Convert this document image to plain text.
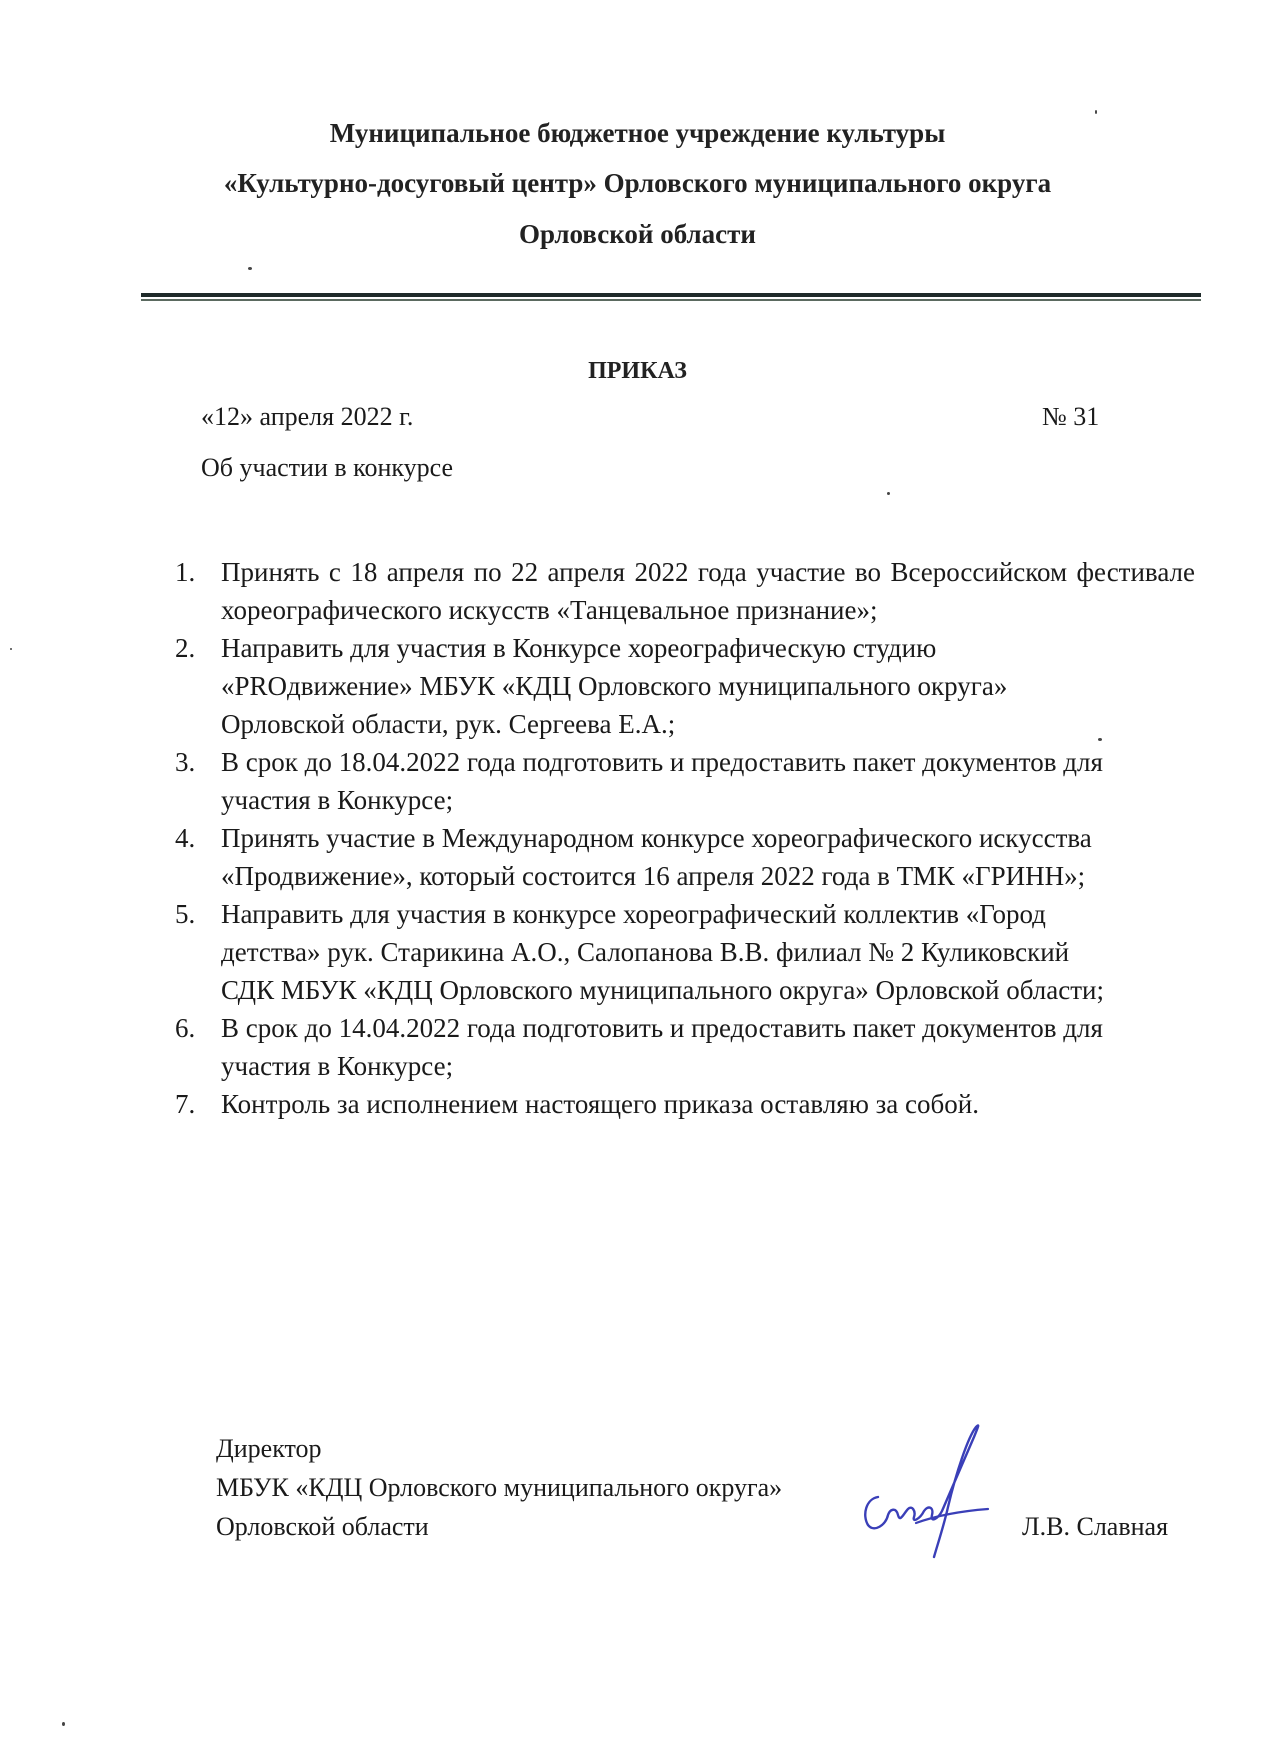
Муниципальное бюджетное учреждение культуры
«Культурно-досуговый центр» Орловского муниципального округа
Орловской области
ПРИКАЗ
«12» апреля 2022 г.	№ 31
Об участии в конкурсе
1. Принять с 18 апреля по 22 апреля 2022 года участие во Всероссийском фестивале хореографического искусств «Танцевальное признание»;
2. Направить для участия в Конкурсе хореографическую студию
«PROдвижение» МБУК «КДЦ Орловского муниципального округа»
Орловской области, рук. Сергеева Е.А.;
3. В срок до 18.04.2022 года подготовить и предоставить пакет документов для
участия в Конкурсе;
4. Принять участие в Международном конкурсе хореографического искусства
«Продвижение», который состоится 16 апреля 2022 года в ТМК «ГРИНН»;
5. Направить для участия в конкурсе хореографический коллектив «Город
детства» рук. Старикина А.О., Салопанова В.В. филиал № 2 Куликовский
СДК МБУК «КДЦ Орловского муниципального округа» Орловской области;
6. В срок до 14.04.2022 года подготовить и предоставить пакет документов для
участия в Конкурсе;
7. Контроль за исполнением настоящего приказа оставляю за собой.
Директор
МБУК «КДЦ Орловского муниципального округа»
Орловской области	Л.В. Славная
